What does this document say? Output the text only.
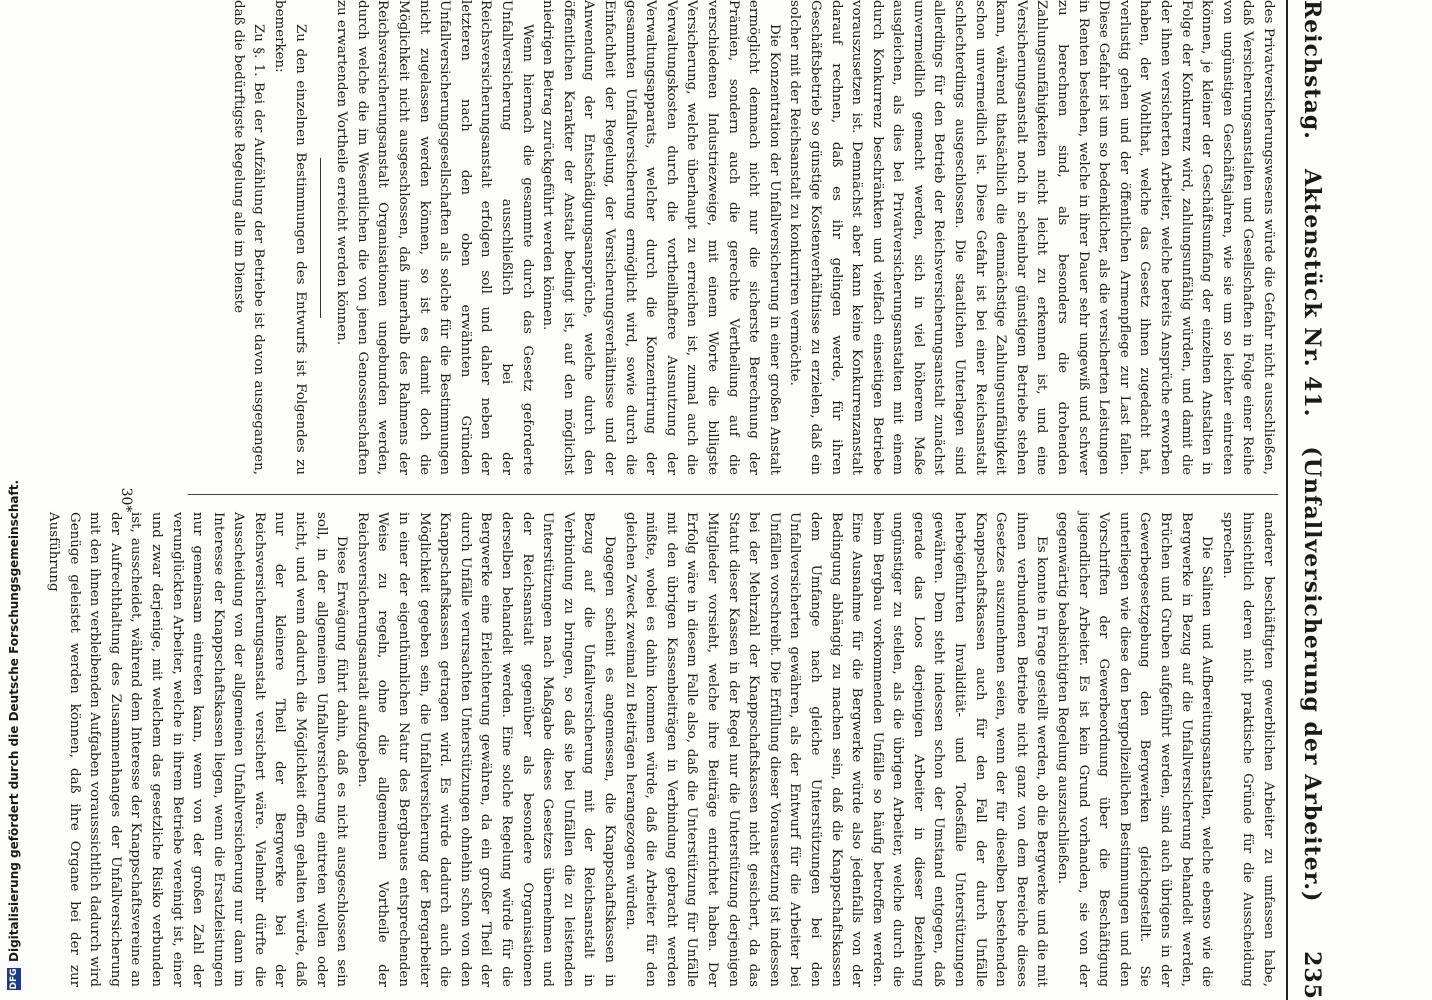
Reichstag.
Aktenstück Nr. 41.
(Unfallversicherung der Arbeiter.) 235

des Privatversicherungswesens würde die Gefahr nicht ausschließen, daß Versicherungsanstalten und Gesellschaften in Folge einer Reihe von ungünstigen Geschäftsjahren, wie sie um so leichter eintreten können, je kleiner der Geschäftsumfang der einzelnen Anstalten in Folge der Konkurrenz wird, zahlungsunfähig würden, und damit die der ihnen versicherten Arbeiter, welche bereits Ansprüche erworben haben, der Wohlthat, welche das Gesetz ihnen zugedacht hat, verlustig gehen und der öffentlichen Armenpflege zur Last fallen. Diese Gefahr ist um so bedenklicher, als die versicherten Leistungen in Renten bestehen, welche in ihrer Dauer sehr ungewiß und schwer zu berechnen sind, als besonders die drohenden Zahlungsunfähigkeiten nicht leicht zu erkennen ist, und eine Versicherungsanstalt noch in scheinbar günstigem Betriebe stehen kann, während thatsächlich die demnächstige Zahlungsunfähigkeit schon unvermeidlich ist. Diese Gefahr ist bei einer Reichsanstalt schlechterdings ausgeschlossen. Die staatlichen Unterlagen sind allerdings für den Betrieb der Reichsversicherungsanstalt zunächst unvermeidlich gemacht werden, sich in viel höherem Maße ausgleichen, als dies bei Privatversicherungsanstalten mit einem durch Konkurrenz beschränkten und vielfach einseitigen Betriebe vorauszusetzen ist. Demnächst aber kann keine Konkurrenzanstalt darauf rechnen, daß es ihr gelingen werde, für ihren Geschäftsbetrieb so günstige Kostenverhältnisse zu erzielen, daß ein solcher mit der Reichsanstalt zu konkurriren vermöchte.

Die Konzentration der Unfallversicherung in einer großen Anstalt ermöglicht demnach nicht nur die sicherste Berechnung der Prämien, sondern auch die gerechte Vertheilung auf die verschiedenen Industriezweige, mit einem Worte die billigste Versicherung, welche überhaupt zu erreichen ist, zumal auch die Verwaltungskosten durch die vortheilhaftere Ausnutzung der Verwaltungsapparats, welcher durch die Konzentrirung der gesammten Unfallversicherung ermöglicht wird, sowie durch die Einfachheit der Regelung, der Versicherungsverhältnisse und der Anwendung der Entschädigungsansprüche, welche durch den öffentlichen Karakter der Anstalt bedingt ist, auf den möglichst niedrigen Betrag zurückgeführt werden können.

Wenn hiernach die gesammte durch das Gesetz geforderte Unfallversicherung ausschließlich bei der Reichsversicherungsanstalt erfolgen soll und daher neben der letzteren nach den oben erwähnten Gründen Unfallversicherungsgesellschaften als solche für die Bestimmungen nicht zugelassen werden können, so ist es damit doch die Möglichkeit nicht ausgeschlossen, daß innerhalb des Rahmens der Reichsversicherungsanstalt Organisationen ungebunden werden, durch welche die im Wesentlichen die von jenen Genossenschaften zu erwartenden Vortheile erreicht werden können.

Zu den einzelnen Bestimmungen des Entwurfs ist Folgendes zu bemerken:

Zu §. 1. Bei der Aufzählung der Betriebe ist davon ausgegangen, daß die bedürftigste Regelung alle im Dienste

anderer beschäftigten gewerblichen Arbeiter zu umfassen habe, hinsichtlich deren nicht praktische Gründe für die Ausscheidung sprechen.

Die Salinen und Aufbereitungsanstalten, welche ebenso wie die Bergwerke in Bezug auf die Unfallversicherung behandelt werden, Brüchen und Gruben aufgeführt werden, sind auch übrigens in der Gewerbegesetzgebung den Bergwerken gleichgestellt. Sie unterliegen wie diese den bergpolizeilichen Bestimmungen und den Vorschriften der Gewerbeordnung über die Beschäftigung jugendlicher Arbeiter. Es ist kein Grund vorhanden, sie von der gegenwärtig beabsichtigten Regelung auszuschließen.

Es konnte in Frage gestellt werden, ob die Bergwerke und die mit ihnen verbundenen Betriebe nicht ganz von dem Bereiche dieses Gesetzes auszunehmen seien, wenn der für dieselben bestehenden Knappschaftskassen auch für den Fall der durch Unfälle herbeigeführten Invalidität- und Todesfälle Unterstützungen gewähren. Dem steht indessen schon der Umstand entgegen, daß gerade das Loos derjenigen Arbeiter in dieser Beziehung ungünstiger zu stellen, als die übrigen Arbeiter, welche durch die beim Bergbau vorkommenden Unfälle so häufig betroffen werden. Eine Ausnahme für die Bergwerke würde also jedenfalls von der Bedingung abhängig zu machen sein, daß die Knappschaftskassen dem Umfange nach gleiche Unterstützungen bei den Unfallversicherten gewähren, als der Entwurf für die Arbeiter bei Unfällen vorschreibt. Die Erfüllung dieser Voraussetzung ist indessen bei der Mehrzahl der Knappschaftskassen nicht gesichert, da das Statut dieser Kassen in der Regel nur die Unterstützung derjenigen Mitglieder vorsieht, welche ihre Beiträge entrichtet haben. Der Erfolg wäre in diesem Falle also, daß die Unterstützung für Unfälle mit den übrigen Kassenbeiträgen in Verbindung gebracht werden müßte, wobei es dahin kommen würde, daß die Arbeiter für den gleichen Zweck zweimal zu Beiträgen herangezogen würden.

Dagegen scheint es angemessen, die Knappschaftskassen in Bezug auf die Unfallversicherung mit der Reichsanstalt in Verbindung zu bringen, so daß sie bei Unfällen die zu leistenden Unterstützungen nach Maßgabe dieses Gesetzes übernehmen und der Reichsanstalt gegenüber als besondere Organisationen derselben behandelt werden. Eine solche Regelung würde für die Bergwerke eine Erleichterung gewähren, da ein großer Theil der durch Unfälle verursachten Unterstützungen ohnehin schon von den Knappschaftskassen getragen wird. Es würde dadurch auch die Möglichkeit gegeben sein, die Unfallversicherung der Bergarbeiter in einer der eigenthümlichen Natur des Bergbaues entsprechenden Weise zu regeln, ohne die allgemeinen Vortheile der Reichsversicherungsanstalt aufzugeben.

Diese Erwägung führt dahin, daß es nicht ausgeschlossen sein soll, in der allgemeinen Unfallversicherung eintreten wollen oder nicht, und wenn dadurch die Möglichkeit offen gehalten würde, daß nur der kleinere Theil der Bergwerke bei der Reichsversicherungsanstalt versichert wäre. Vielmehr dürfte die Ausscheidung von der allgemeinen Unfallversicherung nur dann im Interesse der Knappschaftskassen liegen, wenn die Ersatzleistungen nur gemeinsam eintreten kann, wenn von der großen Zahl der verunglückten Arbeiter, welche in ihrem Betriebe vereinigt ist, einer und zwar derjenige, mit welchem das gesetzliche Risiko verbunden ist, ausscheidet, während dem Interesse der Knappschaftsvereine an der Aufrechthaltung des Zusammenhanges der Unfallversicherung mit den ihnen verbleibenden Aufgaben vorausssichtlich dadurch wird Genüge geleistet werden können, daß ihre Organe bei der zur Ausführung

30*
DFG
Digitalisierung gefördert durch die Deutsche Forschungsgemeinschaft.
